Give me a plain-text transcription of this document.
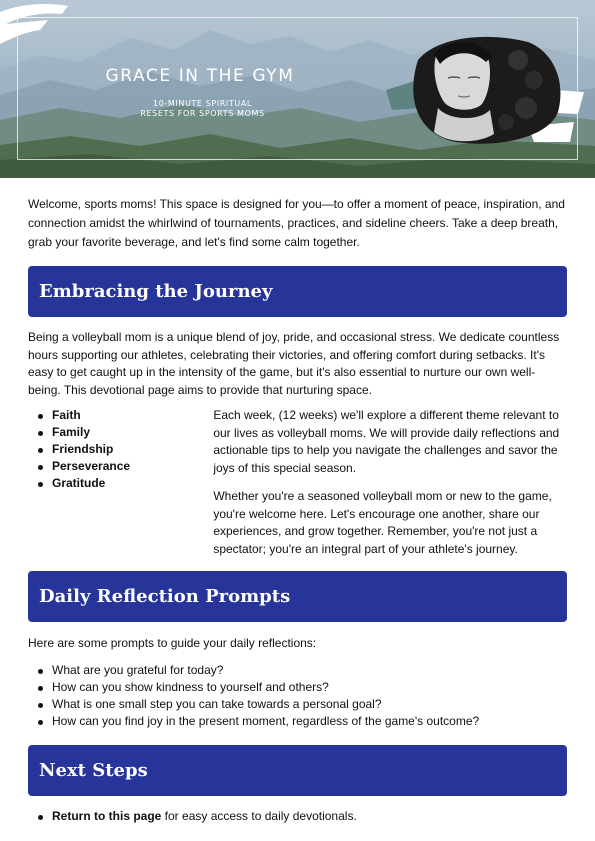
GRACE IN THE GYM
10-MINUTE SPIRITUAL RESETS FOR SPORTS MOMS

Welcome, sports moms! This space is designed for you—to offer a moment of peace, inspiration, and connection amidst the whirlwind of tournaments, practices, and sideline cheers. Take a deep breath, grab your favorite beverage, and let's find some calm together.

Embracing the Journey

Being a volleyball mom is a unique blend of joy, pride, and occasional stress. We dedicate countless hours supporting our athletes, celebrating their victories, and offering comfort during setbacks. It's easy to get caught up in the intensity of the game, but it's also essential to nurture our own well-being. This devotional page aims to provide that nurturing space.

Faith
Family
Friendship
Perseverance
Gratitude

Each week, (12 weeks) we'll explore a different theme relevant to our lives as volleyball moms. We will provide daily reflections and actionable tips to help you navigate the challenges and savor the joys of this special season.

Whether you're a seasoned volleyball mom or new to the game, you're welcome here. Let's encourage one another, share our experiences, and grow together. Remember, you're not just a spectator; you're an integral part of your athlete's journey.

Daily Reflection Prompts

Here are some prompts to guide your daily reflections:

What are you grateful for today?
How can you show kindness to yourself and others?
What is one small step you can take towards a personal goal?
How can you find joy in the present moment, regardless of the game's outcome?
Next Steps
Return to this page for easy access to daily devotionals.
